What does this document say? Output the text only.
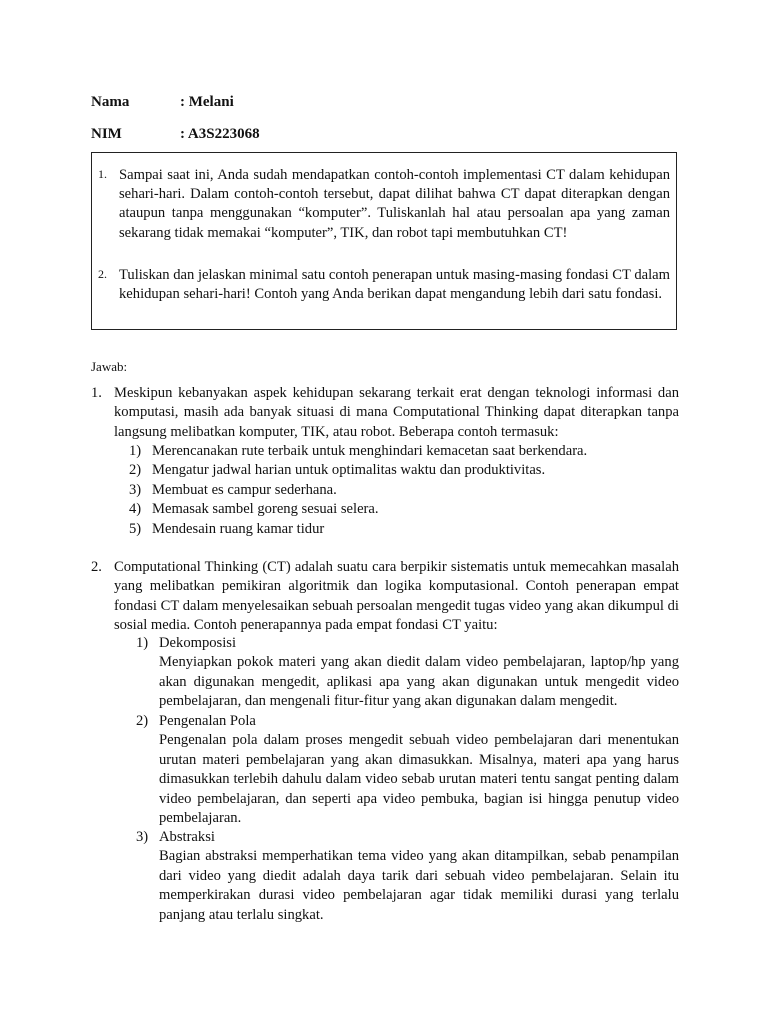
Nama	: Melani
NIM	: A3S223068
1. Sampai saat ini, Anda sudah mendapatkan contoh-contoh implementasi CT dalam kehidupan sehari-hari. Dalam contoh-contoh tersebut, dapat dilihat bahwa CT dapat diterapkan dengan ataupun tanpa menggunakan “komputer”. Tuliskanlah hal atau persoalan apa yang zaman sekarang tidak memakai “komputer”, TIK, dan robot tapi membutuhkan CT!
2. Tuliskan dan jelaskan minimal satu contoh penerapan untuk masing-masing fondasi CT dalam kehidupan sehari-hari! Contoh yang Anda berikan dapat mengandung lebih dari satu fondasi.
Jawab:
1. Meskipun kebanyakan aspek kehidupan sekarang terkait erat dengan teknologi informasi dan komputasi, masih ada banyak situasi di mana Computational Thinking dapat diterapkan tanpa langsung melibatkan komputer, TIK, atau robot. Beberapa contoh termasuk:
1) Merencanakan rute terbaik untuk menghindari kemacetan saat berkendara.
2) Mengatur jadwal harian untuk optimalitas waktu dan produktivitas.
3) Membuat es campur sederhana.
4) Memasak sambel goreng sesuai selera.
5) Mendesain ruang kamar tidur
2. Computational Thinking (CT) adalah suatu cara berpikir sistematis untuk memecahkan masalah yang melibatkan pemikiran algoritmik dan logika komputasional. Contoh penerapan empat fondasi CT dalam menyelesaikan sebuah persoalan mengedit tugas video yang akan dikumpul di sosial media. Contoh penerapannya pada empat fondasi CT yaitu:
1) Dekomposisi
Menyiapkan pokok materi yang akan diedit dalam video pembelajaran, laptop/hp yang akan digunakan mengedit, aplikasi apa yang akan digunakan untuk mengedit video pembelajaran, dan mengenali fitur-fitur yang akan digunakan dalam mengedit.
2) Pengenalan Pola
Pengenalan pola dalam proses mengedit sebuah video pembelajaran dari menentukan urutan materi pembelajaran yang akan dimasukkan. Misalnya, materi apa yang harus dimasukkan terlebih dahulu dalam video sebab urutan materi tentu sangat penting dalam video pembelajaran, dan seperti apa video pembuka, bagian isi hingga penutup video pembelajaran.
3) Abstraksi
Bagian abstraksi memperhatikan tema video yang akan ditampilkan, sebab penampilan dari video yang diedit adalah daya tarik dari sebuah video pembelajaran. Selain itu memperkirakan durasi video pembelajaran agar tidak memiliki durasi yang terlalu panjang atau terlalu singkat.
